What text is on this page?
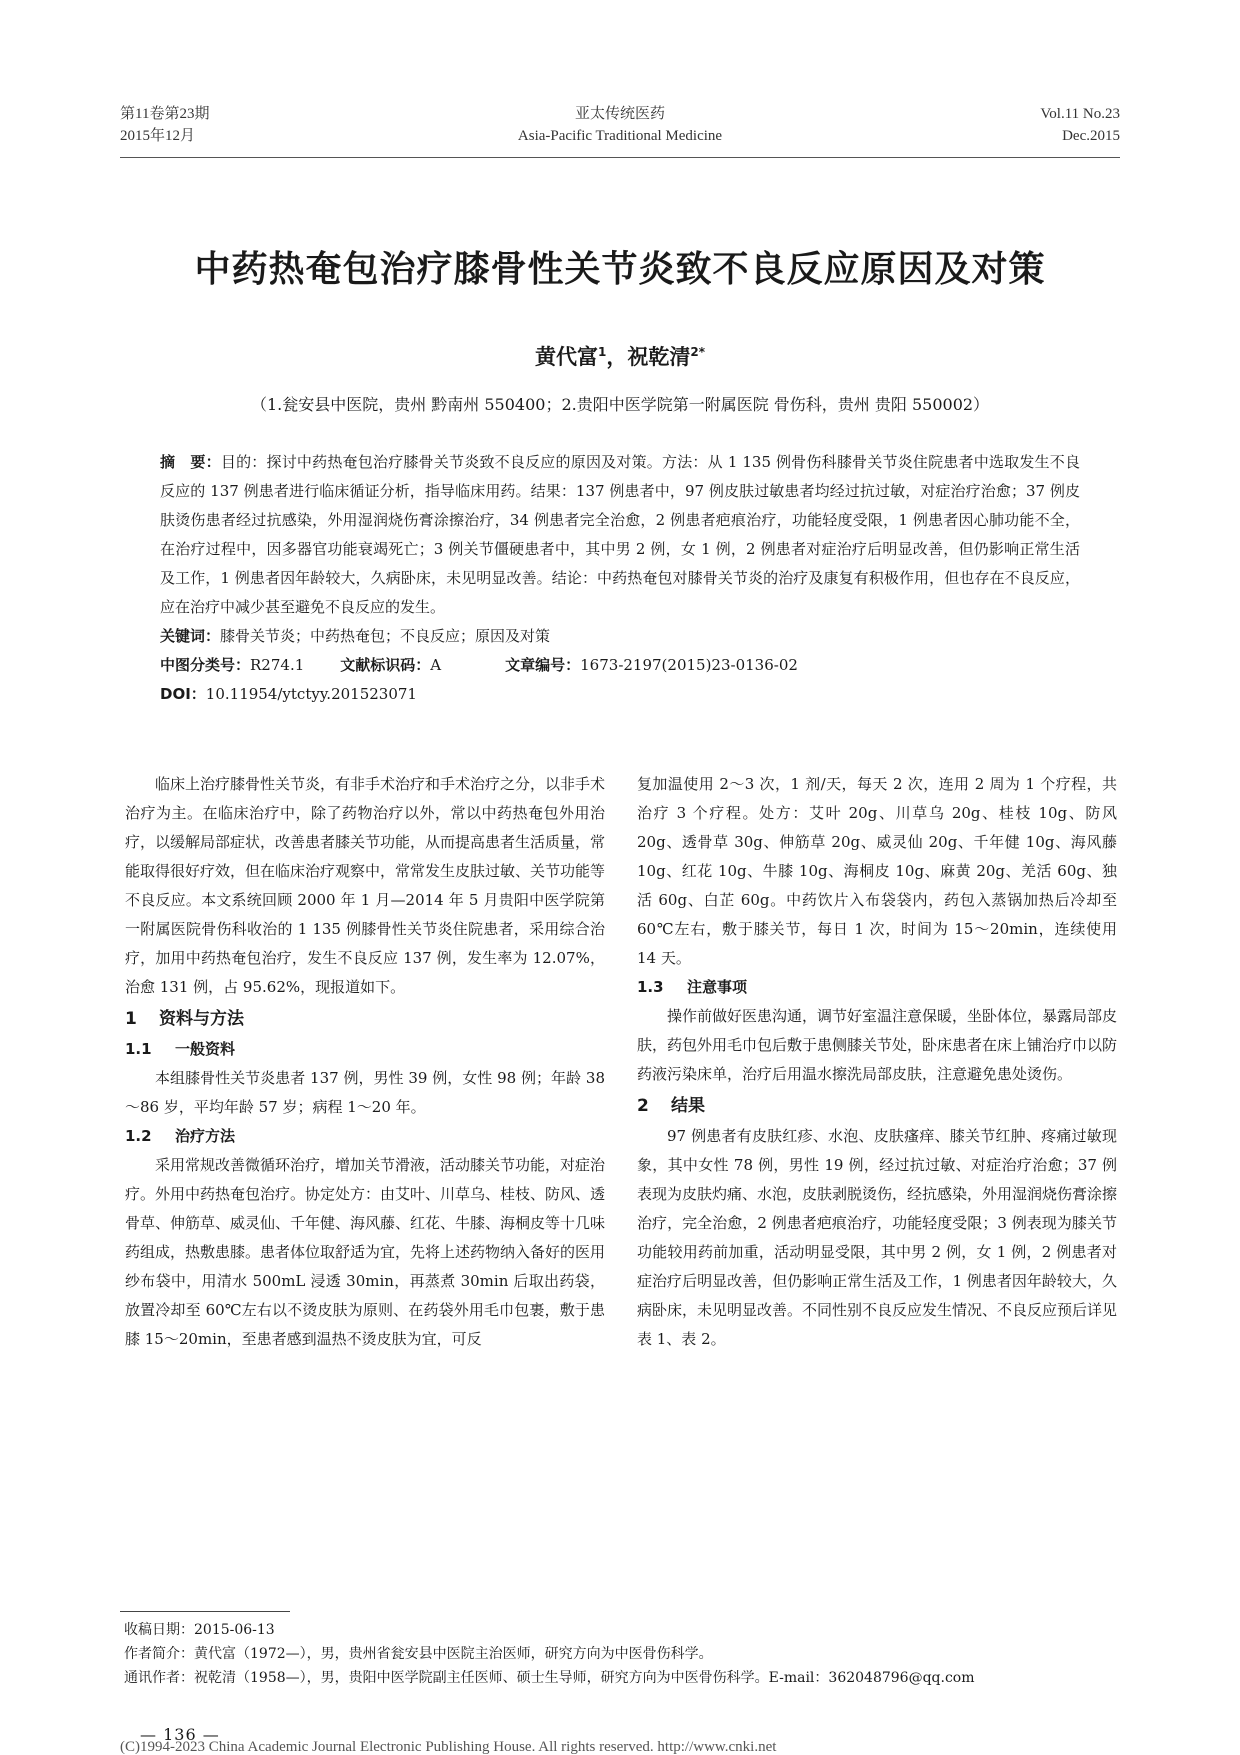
第11卷第23期
2015年12月
亚太传统医药
Asia-Pacific Traditional Medicine
Vol.11 No.23
Dec.2015
中药热奄包治疗膝骨性关节炎致不良反应原因及对策
黄代富$^1$，祝乾清$^{2*}$
（1.瓮安县中医院，贵州 黔南州 550400；2.贵阳中医学院第一附属医院 骨伤科，贵州 贵阳 550002）

摘　要：目的：探讨中药热奄包治疗膝骨关节炎致不良反应的原因及对策。方法：从 1 135 例骨伤科膝骨关节炎住院患者中选取发生不良反应的 137 例患者进行临床循证分析，指导临床用药。结果：137 例患者中，97 例皮肤过敏患者均经过抗过敏，对症治疗治愈；37 例皮肤烫伤患者经过抗感染，外用湿润烧伤膏涂擦治疗，34 例患者完全治愈，2 例患者疤痕治疗，功能轻度受限，1 例患者因心肺功能不全，在治疗过程中，因多器官功能衰竭死亡；3 例关节僵硬患者中，其中男 2 例，女 1 例，2 例患者对症治疗后明显改善，但仍影响正常生活及工作，1 例患者因年龄较大，久病卧床，未见明显改善。结论：中药热奄包对膝骨关节炎的治疗及康复有积极作用，但也存在不良反应，应在治疗中减少甚至避免不良反应的发生。

关键词：膝骨关节炎；中药热奄包；不良反应；原因及对策

中图分类号：R274.1 文献标识码：A	文章编号：1673-2197(2015)23-0136-02

DOI：10.11954/ytctyy.201523071

临床上治疗膝骨性关节炎，有非手术治疗和手术治疗之分，以非手术治疗为主。在临床治疗中，除了药物治疗以外，常以中药热奄包外用治疗，以缓解局部症状，改善患者膝关节功能，从而提高患者生活质量，常能取得很好疗效，但在临床治疗观察中，常常发生皮肤过敏、关节功能等不良反应。本文系统回顾 2000 年 1 月—2014 年 5 月贵阳中医学院第一附属医院骨伤科收治的 1 135 例膝骨性关节炎住院患者，采用综合治疗，加用中药热奄包治疗，发生不良反应 137 例，发生率为 12.07%，治愈 131 例，占 95.62%，现报道如下。

1 资料与方法
1.1 一般资料

本组膝骨性关节炎患者 137 例，男性 39 例，女性 98 例；年龄 38～86 岁，平均年龄 57 岁；病程 1～20 年。

1.2 治疗方法

采用常规改善微循环治疗，增加关节滑液，活动膝关节功能，对症治疗。外用中药热奄包治疗。协定处方：由艾叶、川草乌、桂枝、防风、透骨草、伸筋草、威灵仙、千年健、海风藤、红花、牛膝、海桐皮等十几味药组成，热敷患膝。患者体位取舒适为宜，先将上述药物纳入备好的医用纱布袋中，用清水 500mL 浸透 30min，再蒸煮 30min 后取出药袋，放置冷却至 60℃左右以不烫皮肤为原则、在药袋外用毛巾包裹，敷于患膝 15～20min，至患者感到温热不烫皮肤为宜，可反

复加温使用 2～3 次，1 剂/天，每天 2 次，连用 2 周为 1 个疗程，共治疗 3 个疗程。处方：艾叶 20g、川草乌 20g、桂枝 10g、防风 20g、透骨草 30g、伸筋草 20g、威灵仙 20g、千年健 10g、海风藤 10g、红花 10g、牛膝 10g、海桐皮 10g、麻黄 20g、羌活 60g、独活 60g、白芷 60g。中药饮片入布袋袋内，药包入蒸锅加热后冷却至 60℃左右，敷于膝关节，每日 1 次，时间为 15～20min，连续使用 14 天。

1.3 注意事项

操作前做好医患沟通，调节好室温注意保暖，坐卧体位，暴露局部皮肤，药包外用毛巾包后敷于患侧膝关节处，卧床患者在床上铺治疗巾以防药液污染床单，治疗后用温水擦洗局部皮肤，注意避免患处烫伤。

2 结果

97 例患者有皮肤红疹、水泡、皮肤瘙痒、膝关节红肿、疼痛过敏现象，其中女性 78 例，男性 19 例，经过抗过敏、对症治疗治愈；37 例表现为皮肤灼痛、水泡，皮肤剥脱烫伤，经抗感染，外用湿润烧伤膏涂擦治疗，完全治愈，2 例患者疤痕治疗，功能轻度受限；3 例表现为膝关节功能较用药前加重，活动明显受限，其中男 2 例，女 1 例，2 例患者对症治疗后明显改善，但仍影响正常生活及工作，1 例患者因年龄较大，久病卧床，未见明显改善。不同性别不良反应发生情况、不良反应预后详见表 1、表 2。

收稿日期：2015-06-13
作者简介：黄代富（1972—），男，贵州省瓮安县中医院主治医师，研究方向为中医骨伤科学。
通讯作者：祝乾清（1958—），男，贵阳中医学院副主任医师、硕士生导师，研究方向为中医骨伤科学。E-mail：362048796@qq.com
— 136 —
(C)1994-2023 China Academic Journal Electronic Publishing House. All rights reserved. http://www.cnki.net
